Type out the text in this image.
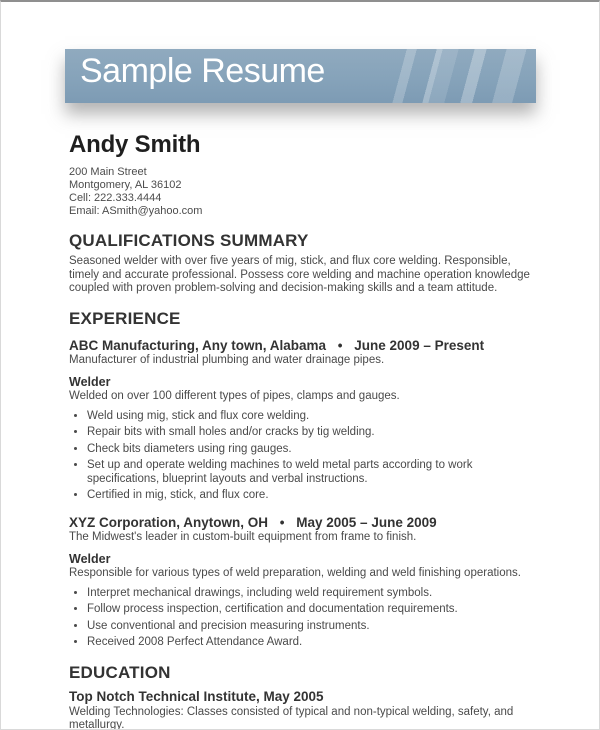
Sample Resume
Andy Smith
200 Main Street
Montgomery, AL 36102
Cell: 222.333.4444
Email: ASmith@yahoo.com
QUALIFICATIONS SUMMARY

Seasoned welder with over five years of mig, stick, and flux core welding. Responsible, timely and accurate professional. Possess core welding and machine operation knowledge coupled with proven problem-solving and decision-making skills and a team attitude.

EXPERIENCE
ABC Manufacturing, Any town, Alabama • June 2009 – Present

Manufacturer of industrial plumbing and water drainage pipes.

Welder

Welded on over 100 different types of pipes, clamps and gauges.

• Weld using mig, stick and flux core welding.
• Repair bits with small holes and/or cracks by tig welding.
• Check bits diameters using ring gauges.
• Set up and operate welding machines to weld metal parts according to work specifications, blueprint layouts and verbal instructions.
• Certified in mig, stick, and flux core.
XYZ Corporation, Anytown, OH • May 2005 – June 2009

The Midwest's leader in custom-built equipment from frame to finish.

Welder

Responsible for various types of weld preparation, welding and weld finishing operations.

• Interpret mechanical drawings, including weld requirement symbols.
• Follow process inspection, certification and documentation requirements.
• Use conventional and precision measuring instruments.
• Received 2008 Perfect Attendance Award.
EDUCATION
Top Notch Technical Institute, May 2005

Welding Technologies: Classes consisted of typical and non-typical welding, safety, and metallurgy.
